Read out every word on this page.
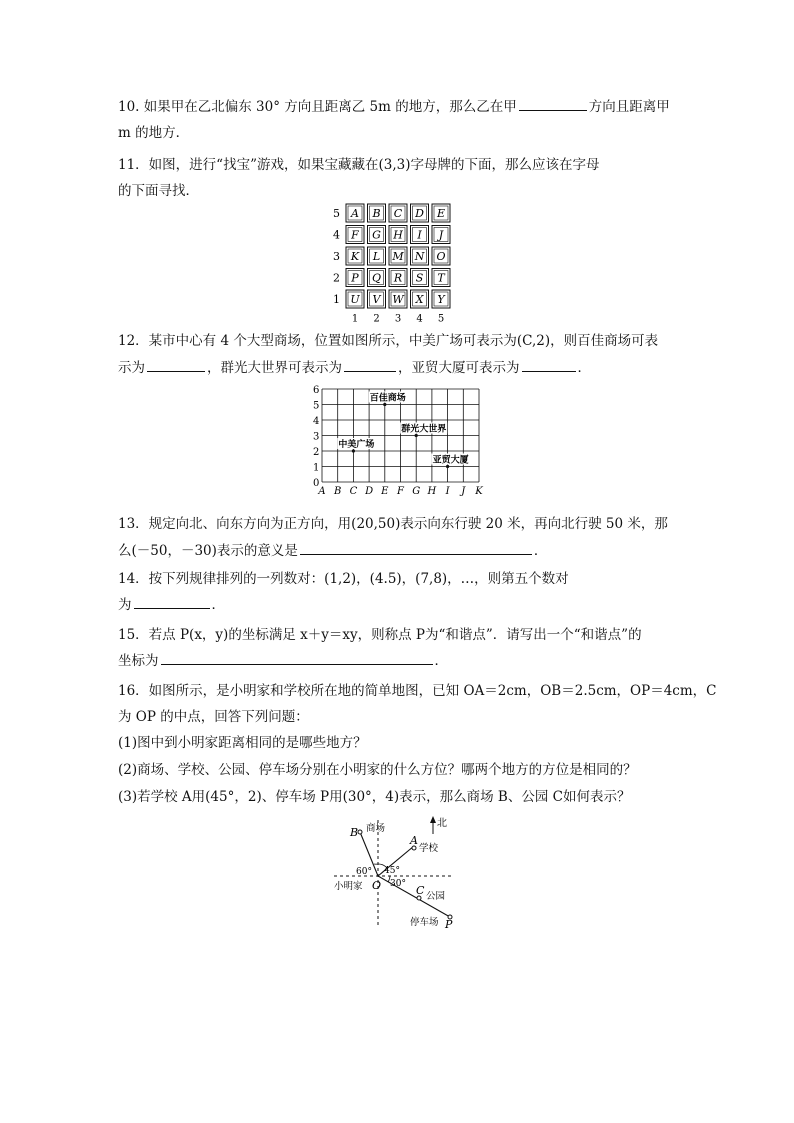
10. 如果甲在乙北偏东 30° 方向且距离乙 5m 的地方，那么乙在甲	方向且距离甲
m 的地方．
11．如图，进行“找宝”游戏，如果宝藏藏在(3,3)字母牌的下面，那么应该在字母
的下面寻找．
5 A B C D E
4 F G H I J
3 K L M N O
2 P Q R S T
1 U V W X Y
1 2 3 4 5
12．某市中心有 4 个大型商场，位置如图所示，中美广场可表示为(C,2)，则百佳商场可表
示为	，群光大世界可表示为	，亚贸大厦可表示为	．
A B C D E F G H I J K
0
1
2
3
4
5
6
百佳商场
群光大世界
中美广场
亚贸大厦
13．规定向北、向东方向为正方向，用(20,50)表示向东行驶 20 米，再向北行驶 50 米，那
么(－50，－30)表示的意义是	．
14．按下列规律排列的一列数对：(1,2)，(4.5)，(7,8)，…，则第五个数对
为	．
15．若点 P(x，y)的坐标满足 x＋y＝xy，则称点 P为“和谐点”．请写出一个“和谐点”的
坐标为	．
16．如图所示，是小明家和学校所在地的简单地图，已知 OA＝2cm，OB＝2.5cm，OP＝4cm，C
为 OP 的中点，回答下列问题：
(1)图中到小明家距离相同的是哪些地方？
(2)商场、学校、公园、停车场分别在小明家的什么方位？哪两个地方的方位是相同的？
(3)若学校 A用(45°，2)、停车场 P用(30°，4)表示，那么商场 B、公园 C如何表示？
北
B 商场
A
学校
C 公园
P
停车场
O
小明家
60° 45°
30°
